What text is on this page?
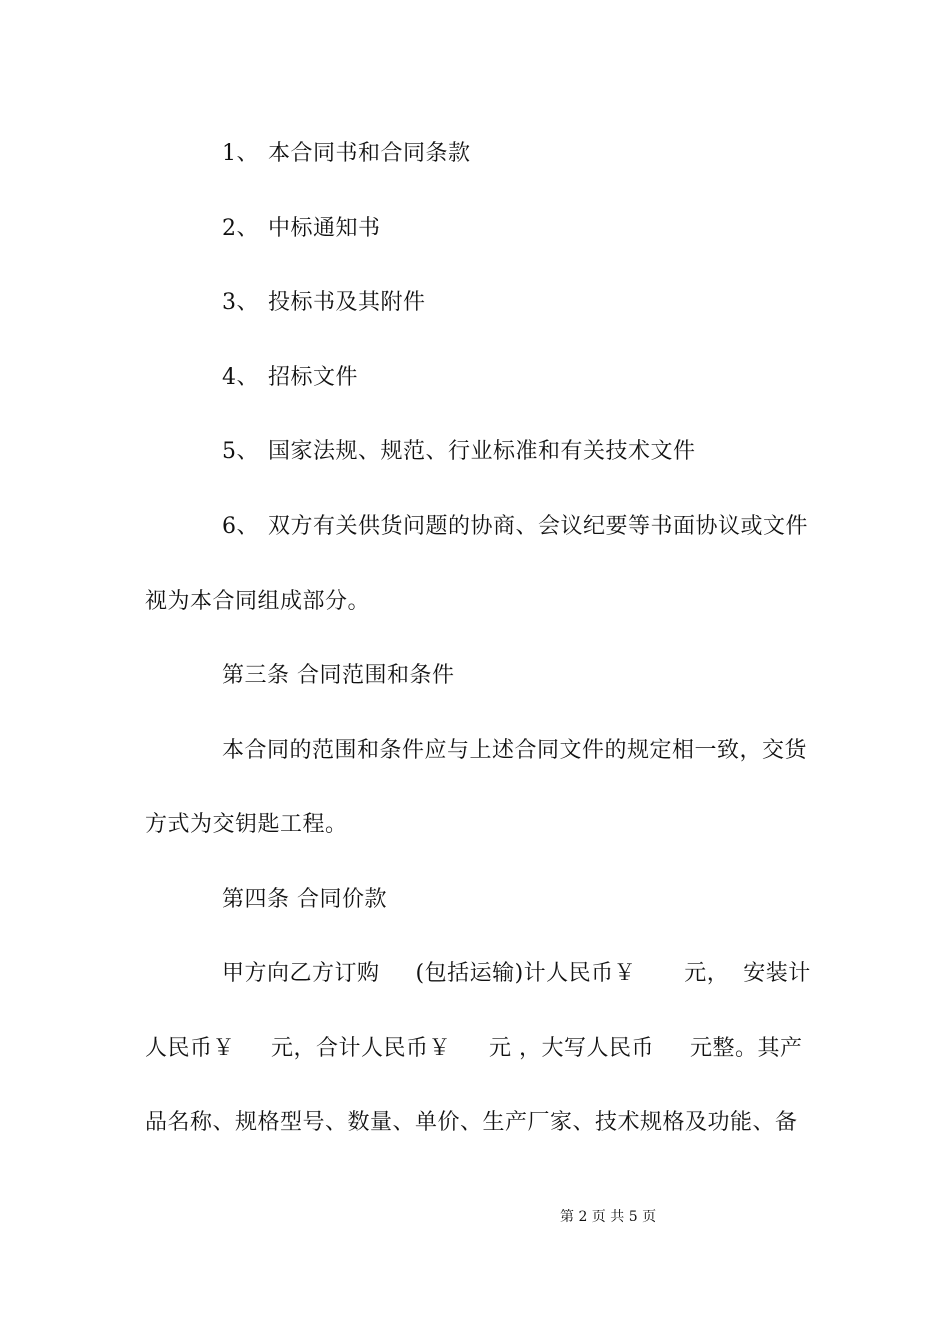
1、 本合同书和合同条款
2、 中标通知书
3、 投标书及其附件
4、 招标文件
5、 国家法规、规范、行业标准和有关技术文件
6、 双方有关供货问题的协商、会议纪要等书面协议或文件
视为本合同组成部分。
第三条 合同范围和条件
本合同的范围和条件应与上述合同文件的规定相一致，交货
方式为交钥匙工程。
第四条 合同价款
甲方向乙方订购 (包括运输)计人民币￥ 元， 安装计
人民币￥ 元，合计人民币￥ 元 ，大写人民币 元整。其产
品名称、规格型号、数量、单价、生产厂家、技术规格及功能、备
第 2 页 共 5 页
